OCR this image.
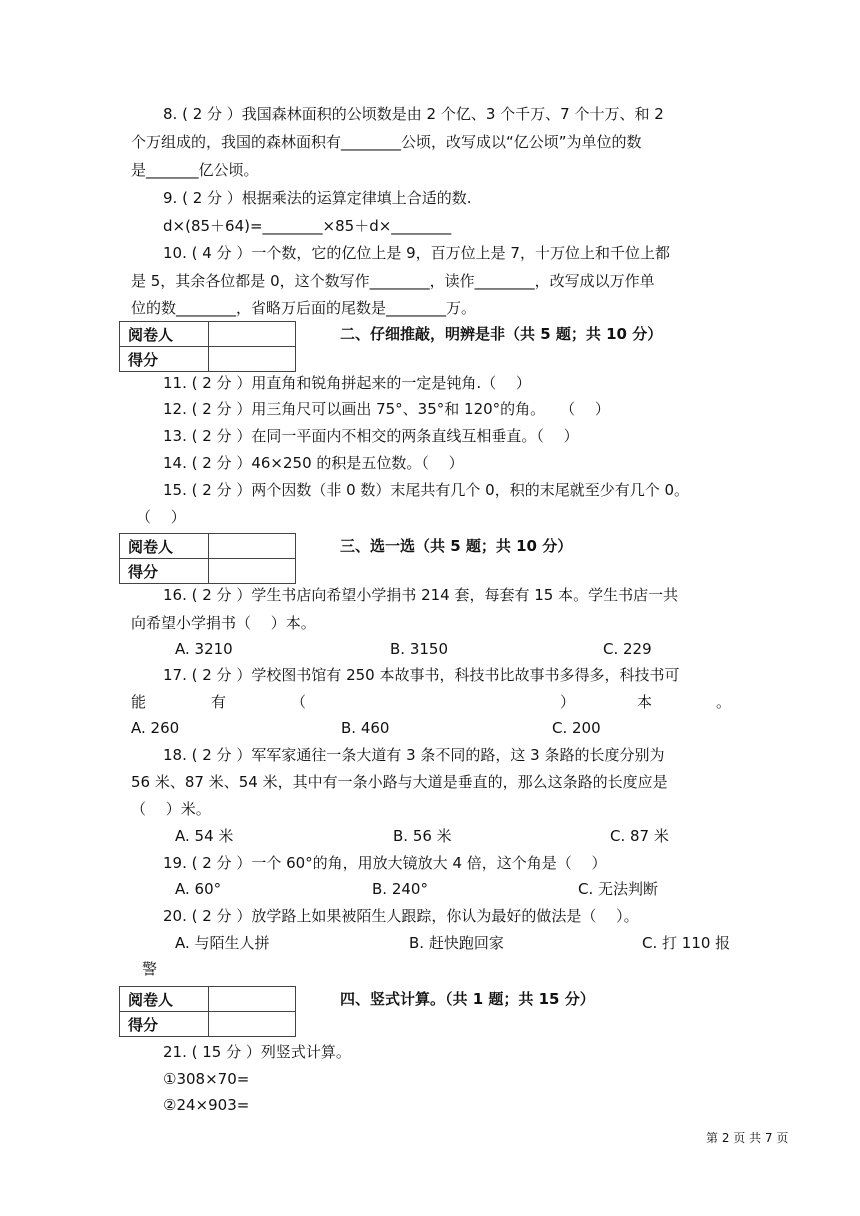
8. ( 2 分 ）我国森林面积的公顷数是由 2 个亿、3 个千万、7 个十万、和 2
个万组成的，我国的森林面积有________公顷，改写成以“亿公顷”为单位的数
是_______亿公顷。
9. ( 2 分 ）根据乘法的运算定律填上合适的数.
d×(85＋64)=________×85＋d×________
10. ( 4 分 ）一个数，它的亿位上是 9，百万位上是 7，十万位上和千位上都
是 5，其余各位都是 0，这个数写作________，读作________，改写成以万作单
位的数________，省略万后面的尾数是________万。
阅卷人	
得分	
二、仔细推敲，明辨是非（共 5 题；共 10 分）
11. ( 2 分 ）用直角和锐角拼起来的一定是钝角.（　 ）
12. ( 2 分 ）用三角尺可以画出 75°、35°和 120°的角。　　（　 ）
13. ( 2 分 ）在同一平面内不相交的两条直线互相垂直。（　 ）
14. ( 2 分 ）46×250 的积是五位数。（　 ）
15. ( 2 分 ）两个因数（非 0 数）末尾共有几个 0，积的末尾就至少有几个 0。
（　 ）
阅卷人	
得分	
三、选一选（共 5 题；共 10 分）
16. ( 2 分 ）学生书店向希望小学捐书 214 套，每套有 15 本。学生书店一共
向希望小学捐书（　 ）本。
A. 3210	B. 3150	C. 229
17. ( 2 分 ）学校图书馆有 250 本故事书，科技书比故事书多得多，科技书可
能	有	（	）	本	。
A. 260	B. 460	C. 200
18. ( 2 分 ）军军家通往一条大道有 3 条不同的路，这 3 条路的长度分别为
56 米、87 米、54 米，其中有一条小路与大道是垂直的，那么这条路的长度应是
（　 ）米。
A. 54 米	B. 56 米	C. 87 米
19. ( 2 分 ）一个 60°的角，用放大镜放大 4 倍，这个角是（　 ）
A. 60°	B. 240°	C. 无法判断
20. ( 2 分 ）放学路上如果被陌生人跟踪，你认为最好的做法是（　 ）。
A. 与陌生人拼	B. 赶快跑回家	C. 打 110 报
警
阅卷人	
得分	
四、竖式计算。（共 1 题；共 15 分）
21. ( 15 分 ）列竖式计算。
①308×70=
②24×903=
第 2 页 共 7 页
